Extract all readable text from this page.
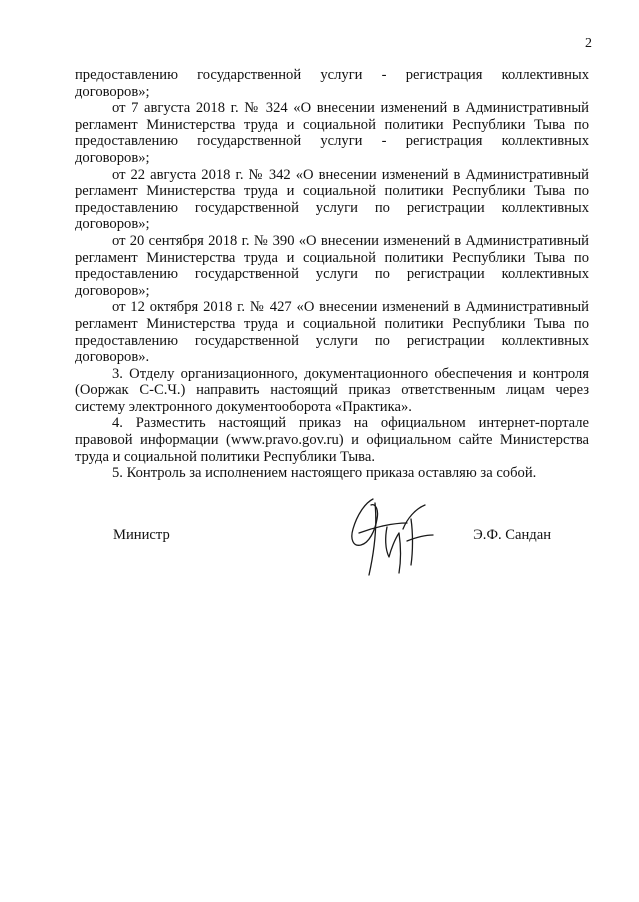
2

предоставлению государственной услуги - регистрация коллективных договоров»;

от 7 августа 2018 г. № 324 «О внесении изменений в Административный регламент Министерства труда и социальной политики Республики Тыва по предоставлению государственной услуги - регистрация коллективных договоров»;

от 22 августа 2018 г. № 342 «О внесении изменений в Административный регламент Министерства труда и социальной политики Республики Тыва по предоставлению государственной услуги по регистрации коллективных договоров»;

от 20 сентября 2018 г. № 390 «О внесении изменений в Административный регламент Министерства труда и социальной политики Республики Тыва по предоставлению государственной услуги по регистрации коллективных договоров»;

от 12 октября 2018 г. № 427 «О внесении изменений в Административный регламент Министерства труда и социальной политики Республики Тыва по предоставлению государственной услуги по регистрации коллективных договоров».

3. Отделу организационного, документационного обеспечения и контроля (Ооржак С-С.Ч.) направить настоящий приказ ответственным лицам через систему электронного документооборота «Практика».

4. Разместить настоящий приказ на официальном интернет-портале правовой информации (www.pravo.gov.ru) и официальном сайте Министерства труда и социальной политики Республики Тыва.

5. Контроль за исполнением настоящего приказа оставляю за собой.

Министр	Э.Ф. Сандан
